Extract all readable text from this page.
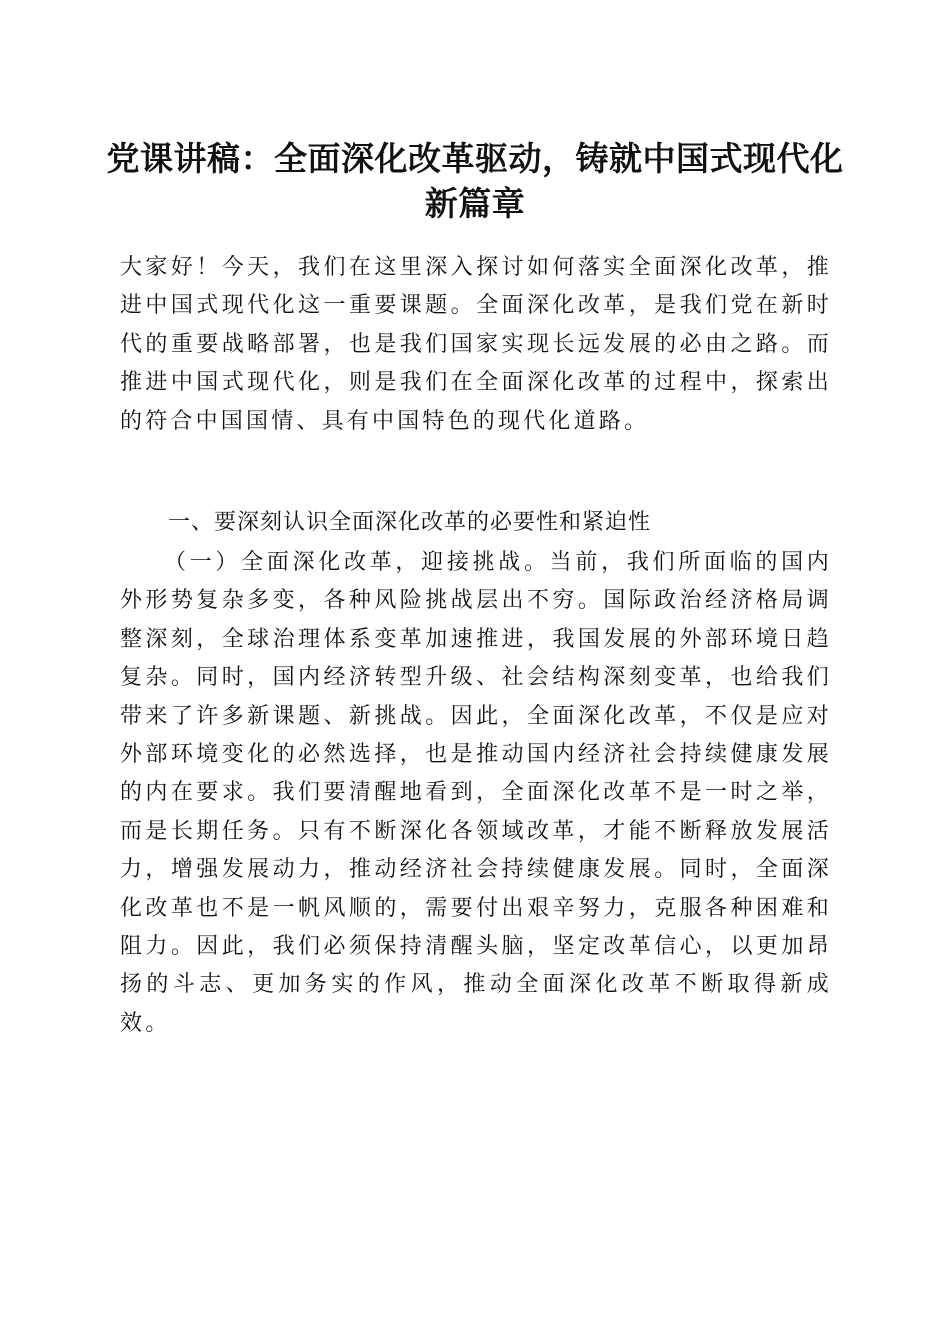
党课讲稿：全面深化改革驱动，铸就中国式现代化新篇章

大家好！今天，我们在这里深入探讨如何落实全面深化改革，推进中国式现代化这一重要课题。全面深化改革，是我们党在新时代的重要战略部署，也是我们国家实现长远发展的必由之路。而推进中国式现代化，则是我们在全面深化改革的过程中，探索出的符合中国国情、具有中国特色的现代化道路。

一、要深刻认识全面深化改革的必要性和紧迫性

（一）全面深化改革，迎接挑战。当前，我们所面临的国内外形势复杂多变，各种风险挑战层出不穷。国际政治经济格局调整深刻，全球治理体系变革加速推进，我国发展的外部环境日趋复杂。同时，国内经济转型升级、社会结构深刻变革，也给我们带来了许多新课题、新挑战。因此，全面深化改革，不仅是应对外部环境变化的必然选择，也是推动国内经济社会持续健康发展的内在要求。我们要清醒地看到，全面深化改革不是一时之举，而是长期任务。只有不断深化各领域改革，才能不断释放发展活力，增强发展动力，推动经济社会持续健康发展。同时，全面深化改革也不是一帆风顺的，需要付出艰辛努力，克服各种困难和阻力。因此，我们必须保持清醒头脑，坚定改革信心，以更加昂扬的斗志、更加务实的作风，推动全面深化改革不断取得新成效。
